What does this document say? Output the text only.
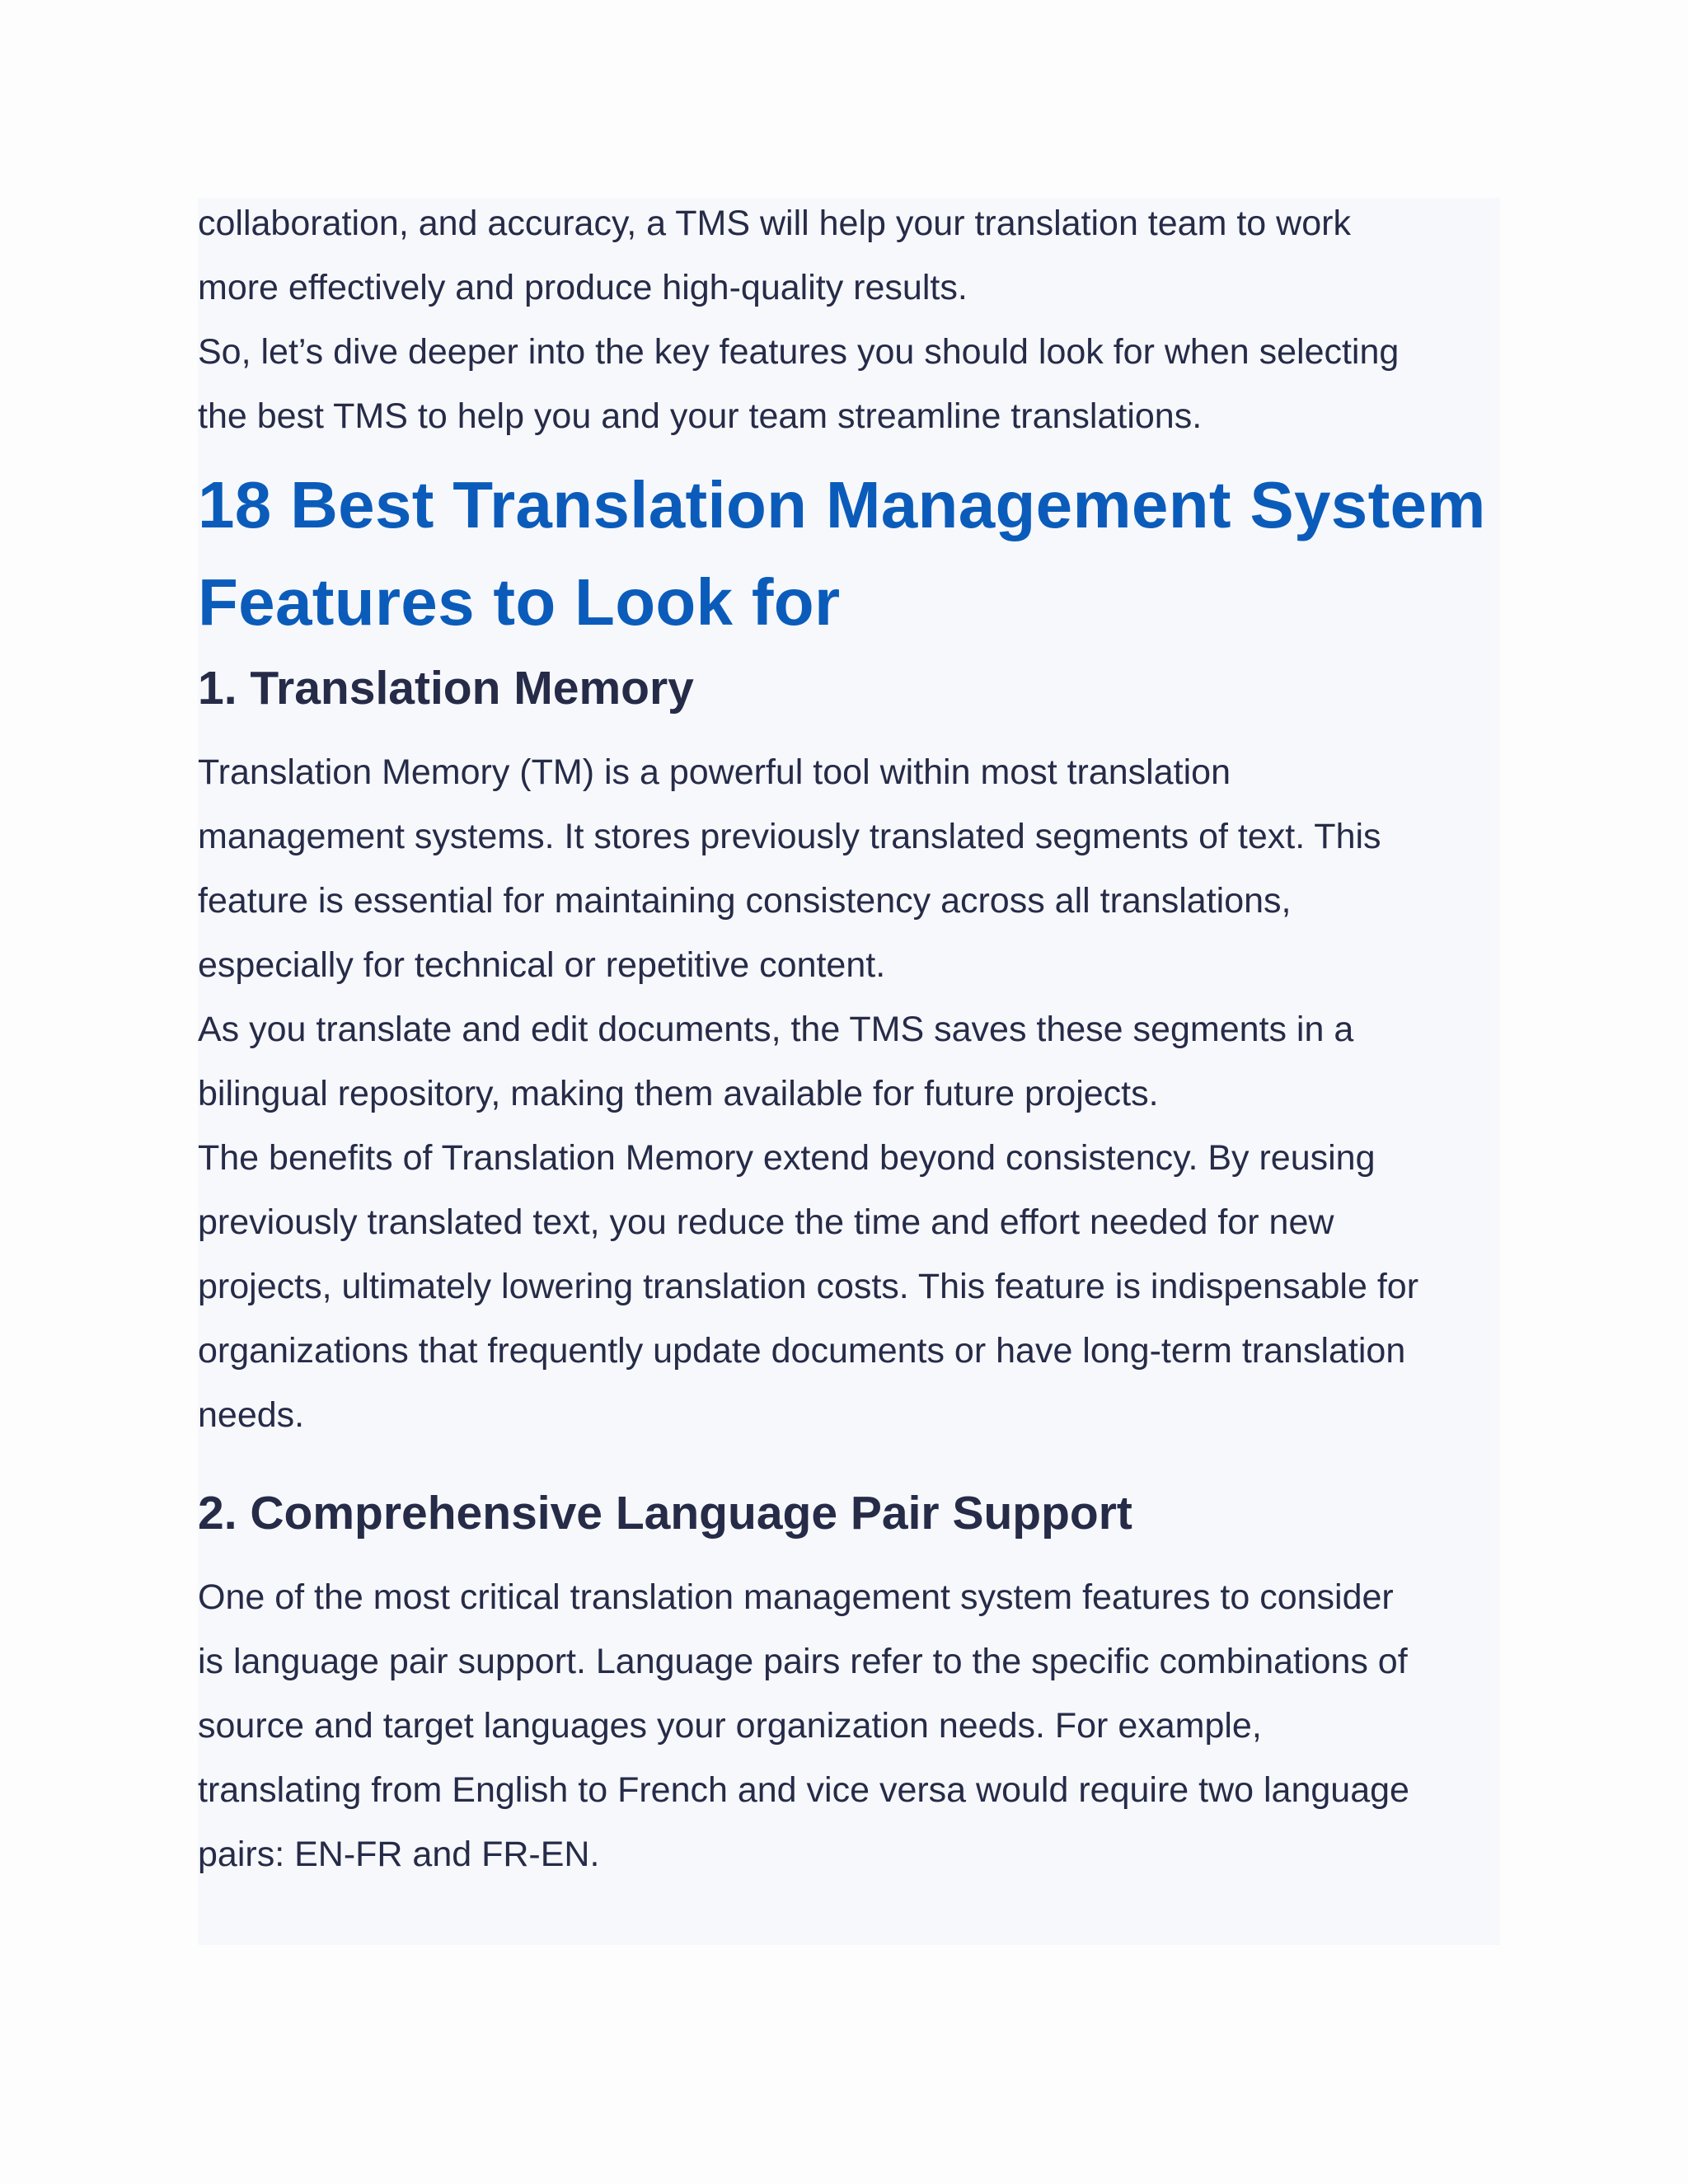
collaboration, and accuracy, a TMS will help your translation team to work

more effectively and produce high-quality results.

So, let’s dive deeper into the key features you should look for when selecting

the best TMS to help you and your team streamline translations.

18 Best Translation Management System
Features to Look for
1. Translation Memory

Translation Memory (TM) is a powerful tool within most translation

management systems. It stores previously translated segments of text. This

feature is essential for maintaining consistency across all translations,

especially for technical or repetitive content.

As you translate and edit documents, the TMS saves these segments in a

bilingual repository, making them available for future projects.

The benefits of Translation Memory extend beyond consistency. By reusing

previously translated text, you reduce the time and effort needed for new

projects, ultimately lowering translation costs. This feature is indispensable for

organizations that frequently update documents or have long-term translation

needs.

2. Comprehensive Language Pair Support

One of the most critical translation management system features to consider

is language pair support. Language pairs refer to the specific combinations of

source and target languages your organization needs. For example,

translating from English to French and vice versa would require two language

pairs: EN-FR and FR-EN.
